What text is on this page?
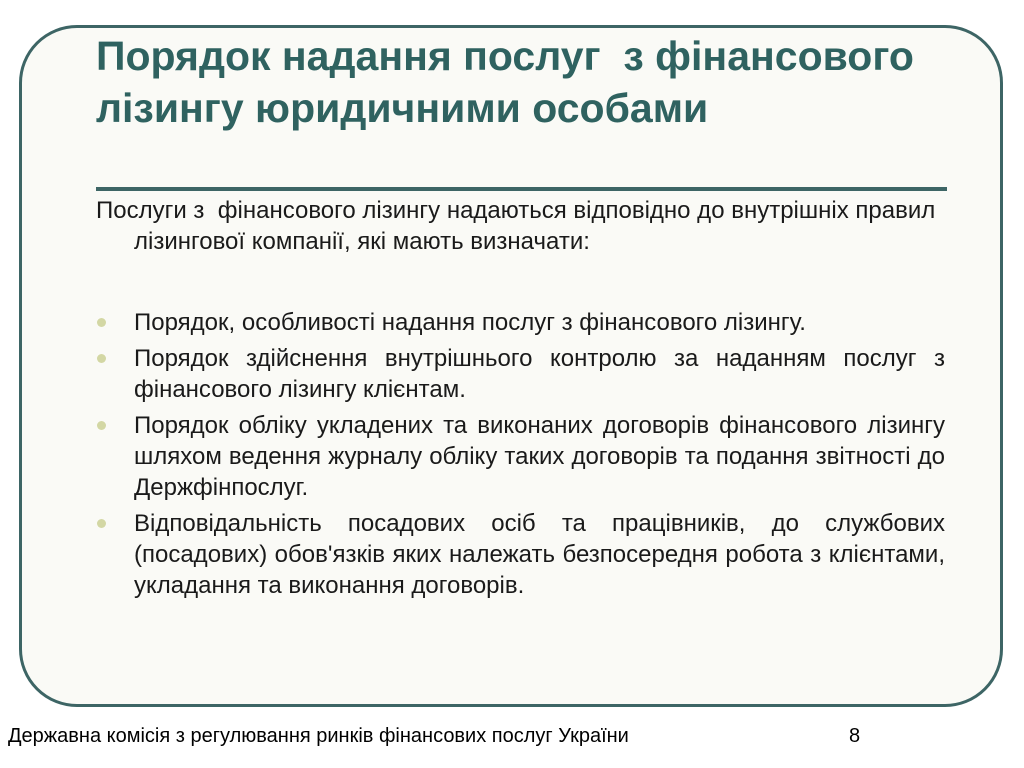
Порядок надання послуг  з фінансового лізингу юридичними особами

Послуги з  фінансового лізингу надаються відповідно до внутрішніх правил лізингової компанії, які мають визначати:

Порядок, особливості надання послуг з фінансового лізингу.
Порядок здійснення внутрішнього контролю за наданням послуг з фінансового лізингу клієнтам.
Порядок обліку укладених та виконаних договорів фінансового лізингу шляхом ведення журналу обліку таких договорів та подання звітності до Держфінпослуг.
Відповідальність посадових осіб та працівників, до службових (посадових) обов'язків яких належать безпосередня робота з клієнтами, укладання та виконання договорів.
Державна комісія з регулювання ринків фінансових послуг України	8
